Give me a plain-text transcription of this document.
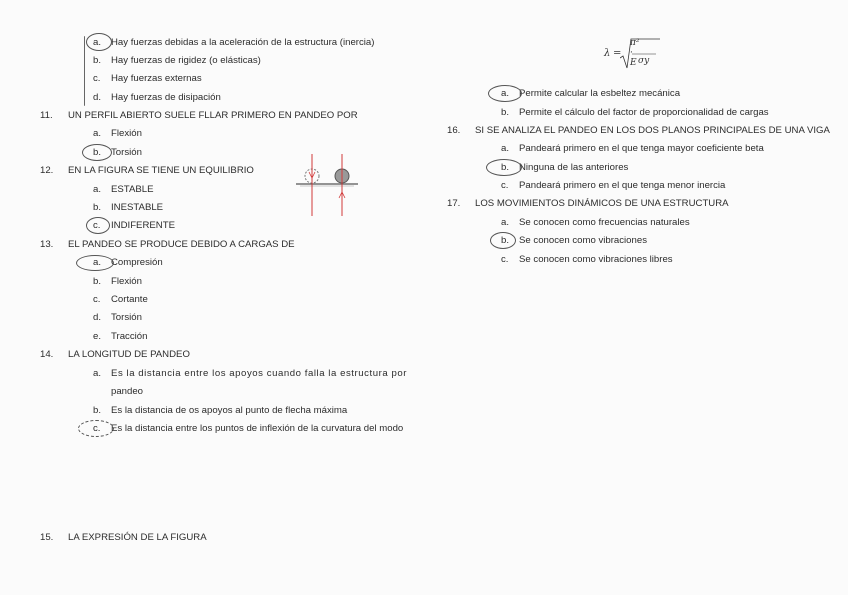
a. Hay fuerzas debidas a la aceleración de la estructura (inercia)
b. Hay fuerzas de rigidez (o elásticas)
c. Hay fuerzas externas
d. Hay fuerzas de disipación
11. UN PERFIL ABIERTO SUELE FLLAR PRIMERO EN PANDEO POR
a. Flexión
b. Torsión
12. EN LA FIGURA SE TIENE UN EQUILIBRIO
a. ESTABLE
b. INESTABLE
c. INDIFERENTE
13. EL PANDEO SE PRODUCE DEBIDO A CARGAS DE
a. Compresión
b. Flexión
c. Cortante
d. Torsión
e. Tracción
14. LA LONGITUD DE PANDEO
a. Es la distancia entre los apoyos cuando falla la estructura por
pandeo
b. Es la distancia de os apoyos al punto de flecha máxima
c. Es la distancia entre los puntos de inflexión de la curvatura del modo
15. LA EXPRESIÓN DE LA FIGURA
λ =
π² · E σy
a. Permite calcular la esbeltez mecánica
b. Permite el cálculo del factor de proporcionalidad de cargas
16. SI SE ANALIZA EL PANDEO EN LOS DOS PLANOS PRINCIPALES DE UNA VIGA
a. Pandeará primero en el que tenga mayor coeficiente beta
b. Ninguna de las anteriores
c. Pandeará primero en el que tenga menor inercia
17. LOS MOVIMIENTOS DINÁMICOS DE UNA ESTRUCTURA
a. Se conocen como frecuencias naturales
b. Se conocen como vibraciones
c. Se conocen como vibraciones libres
